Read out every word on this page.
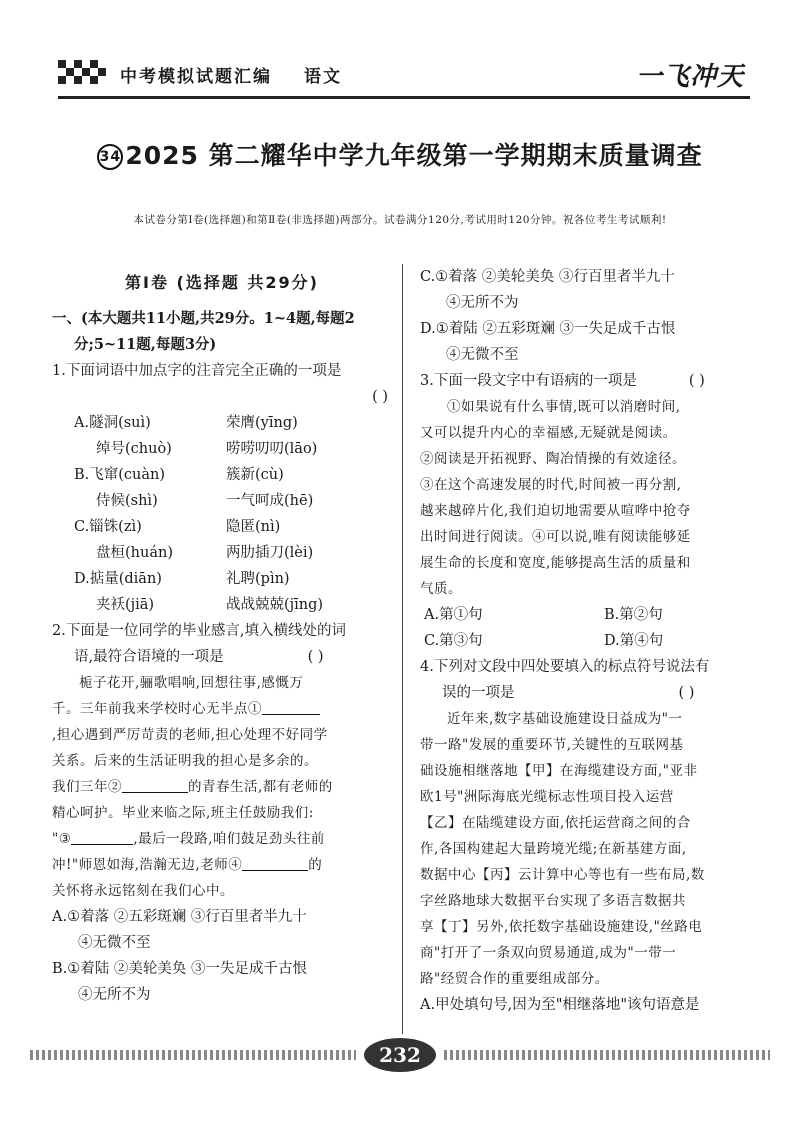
中考模拟试题汇编 语文	一飞冲天
34 2025 第二耀华中学九年级第一学期期末质量调查
本试卷分第Ⅰ卷(选择题)和第Ⅱ卷(非选择题)两部分。试卷满分120分,考试用时120分钟。祝各位考生考试顺利!
第Ⅰ卷 (选择题 共29分)
一、(本大题共11小题,共29分。1~4题,每题2
分;5~11题,每题3分)
1.下面词语中加点字的注音完全正确的一项是
( )
A.隧洞(suì)	荣膺(yīng)
绰号(chuò)	唠唠叨叨(lāo)
B.飞窜(cuàn)	簇新(cù)
侍候(shì)	一气呵成(hē)
C.锱铢(zì)	隐匿(nì)
盘桓(huán)	两肋插刀(lèi)
D.掂量(diān)	礼聘(pìn)
夹袄(jiā)	战战兢兢(jīng)
2.下面是一位同学的毕业感言,填入横线处的词
语,最符合语境的一项是	( )
栀子花开,骊歌唱响,回想往事,感慨万
千。三年前我来学校时心无半点①
,担心遇到严厉苛责的老师,担心处理不好同学
关系。后来的生活证明我的担心是多余的。
我们三年②	的青春生活,都有老师的
精心呵护。毕业来临之际,班主任鼓励我们:
"③	,最后一段路,咱们鼓足劲头往前
冲!"师恩如海,浩瀚无边,老师④	的
关怀将永远铭刻在我们心中。
A.①着落 ②五彩斑斓 ③行百里者半九十
④无微不至
B.①着陆 ②美轮美奂 ③一失足成千古恨
④无所不为
C.①着落 ②美轮美奂 ③行百里者半九十
④无所不为
D.①着陆 ②五彩斑斓 ③一失足成千古恨
④无微不至
3.下面一段文字中有语病的一项是	( )
①如果说有什么事情,既可以消磨时间,
又可以提升内心的幸福感,无疑就是阅读。
②阅读是开拓视野、陶冶情操的有效途径。
③在这个高速发展的时代,时间被一再分割,
越来越碎片化,我们迫切地需要从喧哗中抢夺
出时间进行阅读。④可以说,唯有阅读能够延
展生命的长度和宽度,能够提高生活的质量和
气质。
A.第①句	B.第②句
C.第③句	D.第④句
4.下列对文段中四处要填入的标点符号说法有
误的一项是	( )
近年来,数字基础设施建设日益成为"一
带一路"发展的重要环节,关键性的互联网基
础设施相继落地【甲】在海缆建设方面,"亚非
欧1号"洲际海底光缆标志性项目投入运营
【乙】在陆缆建设方面,依托运营商之间的合
作,各国构建起大量跨境光缆;在新基建方面,
数据中心【丙】云计算中心等也有一些布局,数
字丝路地球大数据平台实现了多语言数据共
享【丁】另外,依托数字基础设施建设,"丝路电
商"打开了一条双向贸易通道,成为"一带一
路"经贸合作的重要组成部分。
A.甲处填句号,因为至"相继落地"该句语意是
232
